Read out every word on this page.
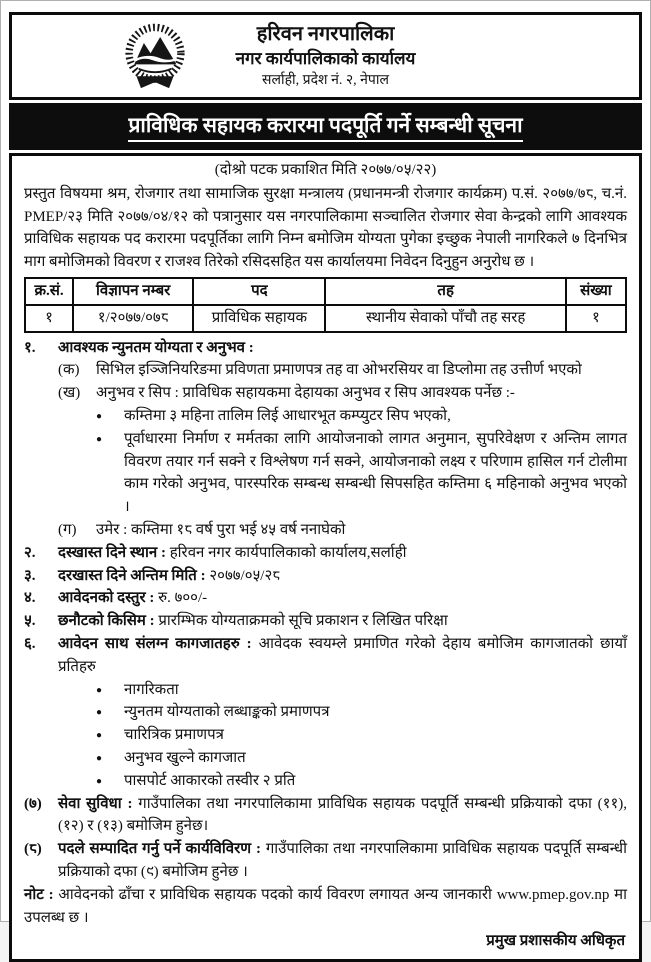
हरिवन नगरपालिका
नगर कार्यपालिकाको कार्यालय
सर्लाही, प्रदेश नं. २, नेपाल
प्राविधिक सहायक करारमा पदपूर्ति गर्ने सम्बन्धी सूचना

(दोश्रो पटक प्रकाशित मिति २०७७/०५/२२)

प्रस्तुत विषयमा श्रम, रोजगार तथा सामाजिक सुरक्षा मन्त्रालय (प्रधानमन्त्री रोजगार कार्यक्रम) प.सं. २०७७/७८, च.नं. PMEP/२३ मिति २०७७/०४/१२ को पत्रानुसार यस नगरपालिकामा सञ्चालित रोजगार सेवा केन्द्रको लागि आवश्यक प्राविधिक सहायक पद करारमा पदपूर्तिका लागि निम्न बमोजिम योग्यता पुगेका इच्छुक नेपाली नागरिकले ७ दिनभित्र माग बमोजिमको विवरण र राजश्व तिरेको रसिदसहित यस कार्यालयमा निवेदन दिनुहुन अनुरोध छ ।

क्र.सं.	विज्ञापन नम्बर	पद	तह	संख्या
१	१/२०७७/०७८	प्राविधिक सहायक	स्थानीय सेवाको पाँचौ तह सरह	१
१.	आवश्यक न्युनतम योग्यता र अनुभव :
(क)	सिभिल इञ्जिनियरिङमा प्रविणता प्रमाणपत्र तह वा ओभरसियर वा डिप्लोमा तह उत्तीर्ण भएको
(ख)	अनुभव र सिप : प्राविधिक सहायकमा देहायका अनुभव र सिप आवश्यक पर्नेछ :-
●
कम्तिमा ३ महिना तालिम लिई आधारभूत कम्प्युटर सिप भएको,
●
पूर्वाधारमा निर्माण र मर्मतका लागि आयोजनाको लागत अनुमान, सुपरिवेक्षण र अन्तिम लागत विवरण तयार गर्न सक्ने र विश्लेषण गर्न सक्ने, आयोजनाको लक्ष्य र परिणाम हासिल गर्न टोलीमा काम गरेको अनुभव, पारस्परिक सम्बन्ध सम्बन्धी सिपसहित कम्तिमा ६ महिनाको अनुभव भएको ।
(ग)	उमेर : कम्तिमा १८ वर्ष पुरा भई ४५ वर्ष ननाघेको
२.	दस्खास्त दिने स्थान : हरिवन नगर कार्यपालिकाको कार्यालय,सर्लाही
३.	दरखास्त दिने अन्तिम मिति : २०७७/०५/२८
४.	आवेदनको दस्तुर : रु. ७००/-
५.	छनौटको किसिम : प्रारम्भिक योग्यताक्रमको सूचि प्रकाशन र लिखित परिक्षा
६.	आवेदन साथ संलग्न कागजातहरु : आवेदक स्वयम्ले प्रमाणित गरेको देहाय बमोजिम कागजातको छायाँ प्रतिहरु
●
नागरिकता
●
न्युनतम योग्यताको लब्धाङ्कको प्रमाणपत्र
●
चारित्रिक प्रमाणपत्र
●
अनुभव खुल्ने कागजात
●
पासपोर्ट आकारको तस्वीर २ प्रति
(७)	सेवा सुविधा : गाउँपालिका तथा नगरपालिकामा प्राविधिक सहायक पदपूर्ति सम्बन्धी प्रक्रियाको दफा (११), (१२) र (१३) बमोजिम हुनेछ।
(८)	पदले सम्पादित गर्नु पर्ने कार्यविविरण : गाउँपालिका तथा नगरपालिकामा प्राविधिक सहायक पदपूर्ति सम्बन्धी प्रक्रियाको दफा (९) बमोजिम हुनेछ ।

नोट : आवेदनको ढाँचा र प्राविधिक सहायक पदको कार्य विवरण लगायत अन्य जानकारी www.pmep.gov.np मा उपलब्ध छ ।

प्रमुख प्रशासकीय अधिकृत
